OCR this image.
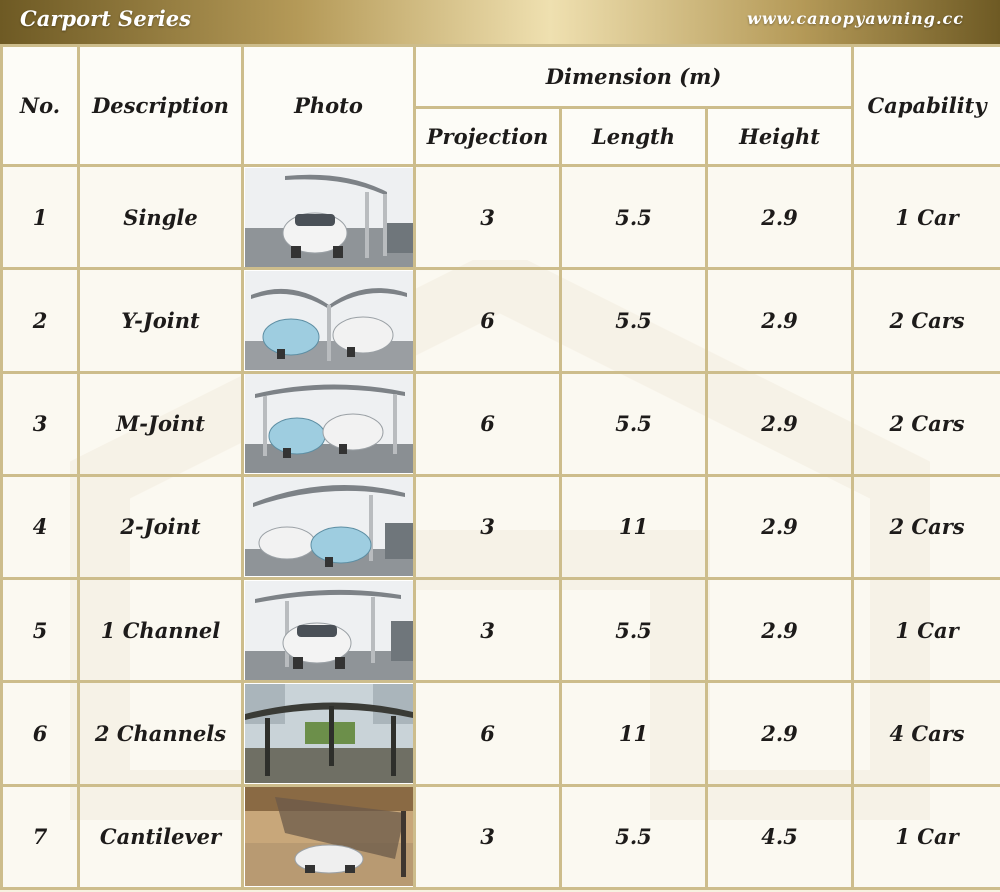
Carport Series	www.canopyawning.cc
No.	Description	Photo	Dimension (m)			Capability
			Projection	Length	Height	
1	Single		3	5.5	2.9	1 Car
2	Y-Joint		6	5.5	2.9	2 Cars
3	M-Joint		6	5.5	2.9	2 Cars
4	2-Joint		3	11	2.9	2 Cars
5	1 Channel		3	5.5	2.9	1 Car
6	2 Channels		6	11	2.9	4 Cars
7	Cantilever		3	5.5	4.5	1 Car
